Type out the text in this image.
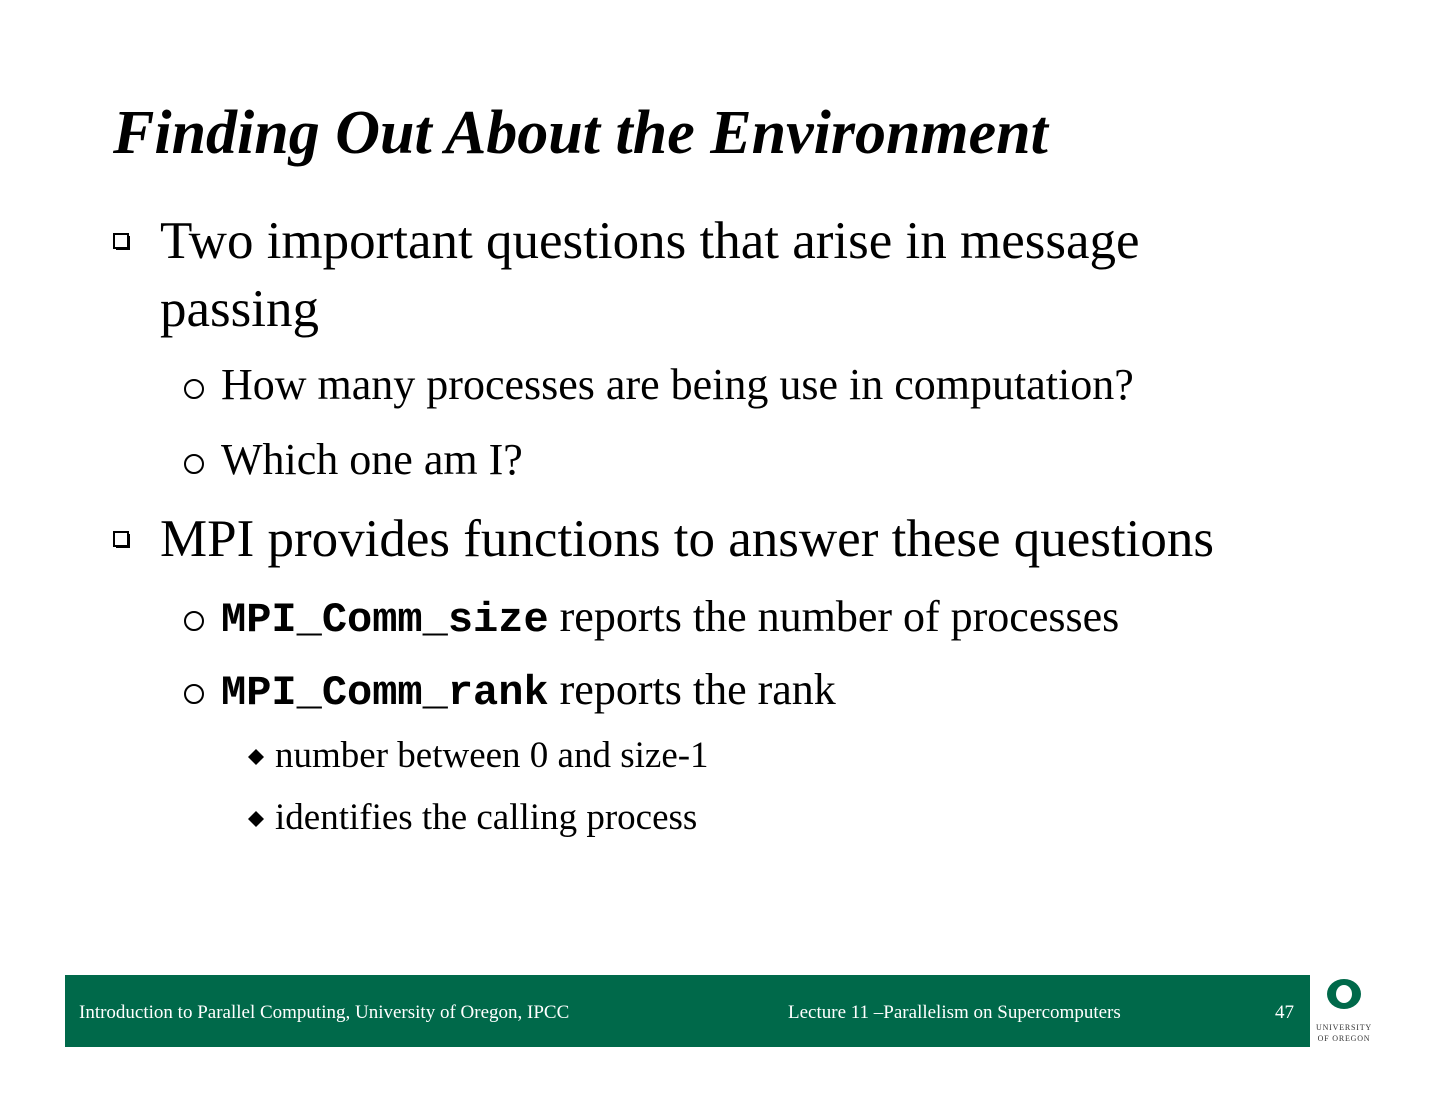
Finding Out About the Environment
Two important questions that arise in message
passing
How many processes are being use in computation?
Which one am I?
MPI provides functions to answer these questions
MPI_Comm_size reports the number of processes
MPI_Comm_rank reports the rank
number between 0 and size-1
identifies the calling process
Introduction to Parallel Computing, University of Oregon, IPCC	Lecture 11 –Parallelism on Supercomputers	47
UNIVERSITY
OF OREGON
